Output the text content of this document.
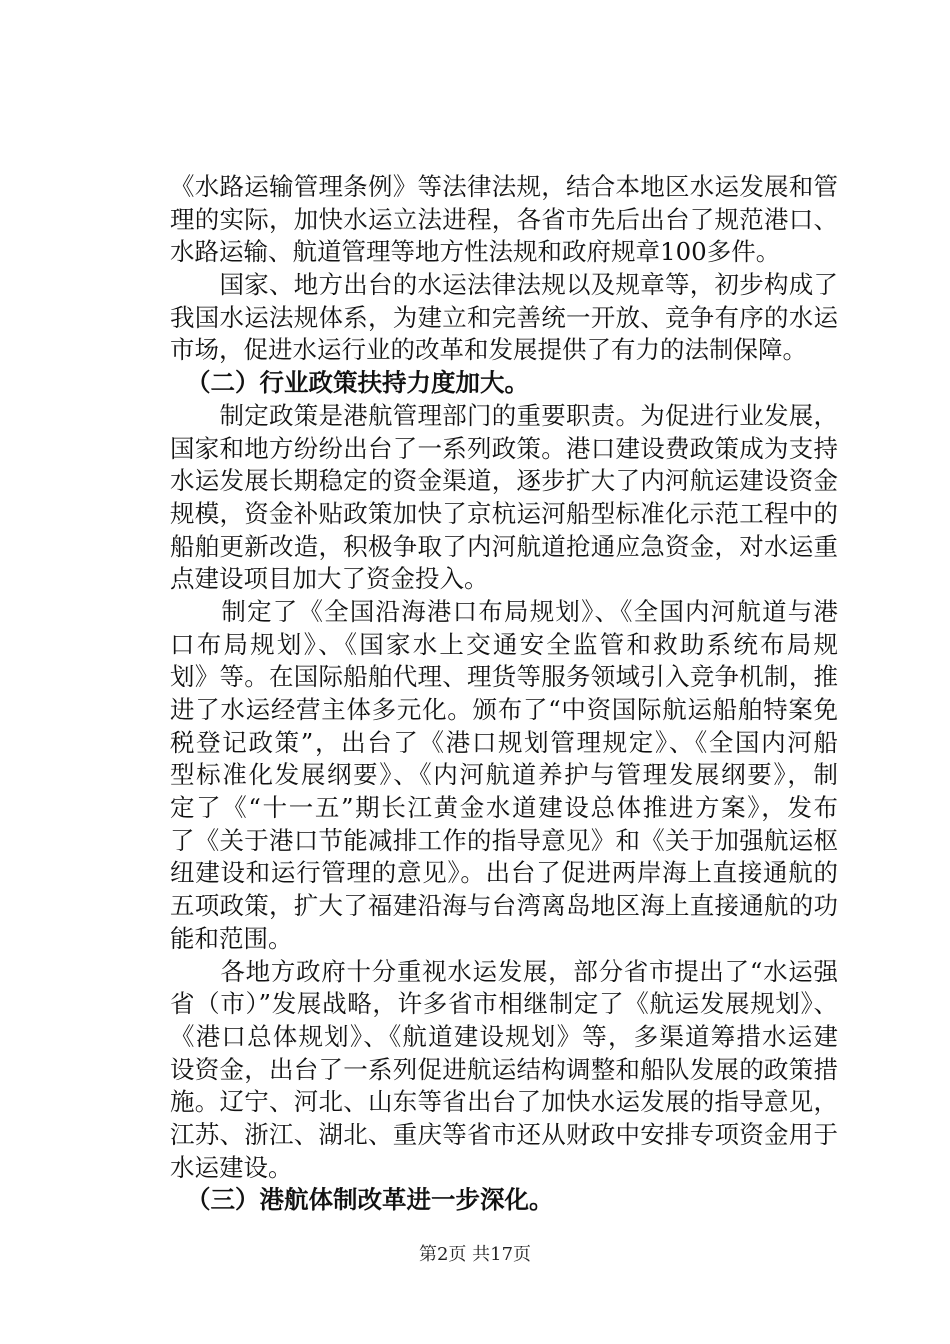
《水路运输管理条例》等法律法规，结合本地区水运发展和管
理的实际，加快水运立法进程，各省市先后出台了规范港口、
水路运输、航道管理等地方性法规和政府规章100多件。
　　国家、地方出台的水运法律法规以及规章等，初步构成了
我国水运法规体系，为建立和完善统一开放、竞争有序的水运
市场，促进水运行业的改革和发展提供了有力的法制保障。
（二）行业政策扶持力度加大。
　　制定政策是港航管理部门的重要职责。为促进行业发展，
国家和地方纷纷出台了一系列政策。港口建设费政策成为支持
水运发展长期稳定的资金渠道，逐步扩大了内河航运建设资金
规模，资金补贴政策加快了京杭运河船型标准化示范工程中的
船舶更新改造，积极争取了内河航道抢通应急资金，对水运重
点建设项目加大了资金投入。
　　制定了《全国沿海港口布局规划》、《全国内河航道与港
口布局规划》、《国家水上交通安全监管和救助系统布局规
划》等。在国际船舶代理、理货等服务领域引入竞争机制，推
进了水运经营主体多元化。颁布了“中资国际航运船舶特案免
税登记政策”，出台了《港口规划管理规定》、《全国内河船
型标准化发展纲要》、《内河航道养护与管理发展纲要》，制
定了《“十一五”期长江黄金水道建设总体推进方案》，发布
了《关于港口节能减排工作的指导意见》和《关于加强航运枢
纽建设和运行管理的意见》。出台了促进两岸海上直接通航的
五项政策，扩大了福建沿海与台湾离岛地区海上直接通航的功
能和范围。
　　各地方政府十分重视水运发展，部分省市提出了“水运强
省（市）”发展战略，许多省市相继制定了《航运发展规划》、
《港口总体规划》、《航道建设规划》等，多渠道筹措水运建
设资金，出台了一系列促进航运结构调整和船队发展的政策措
施。辽宁、河北、山东等省出台了加快水运发展的指导意见，
江苏、浙江、湖北、重庆等省市还从财政中安排专项资金用于
水运建设。
（三）港航体制改革进一步深化。
第2页 共17页
